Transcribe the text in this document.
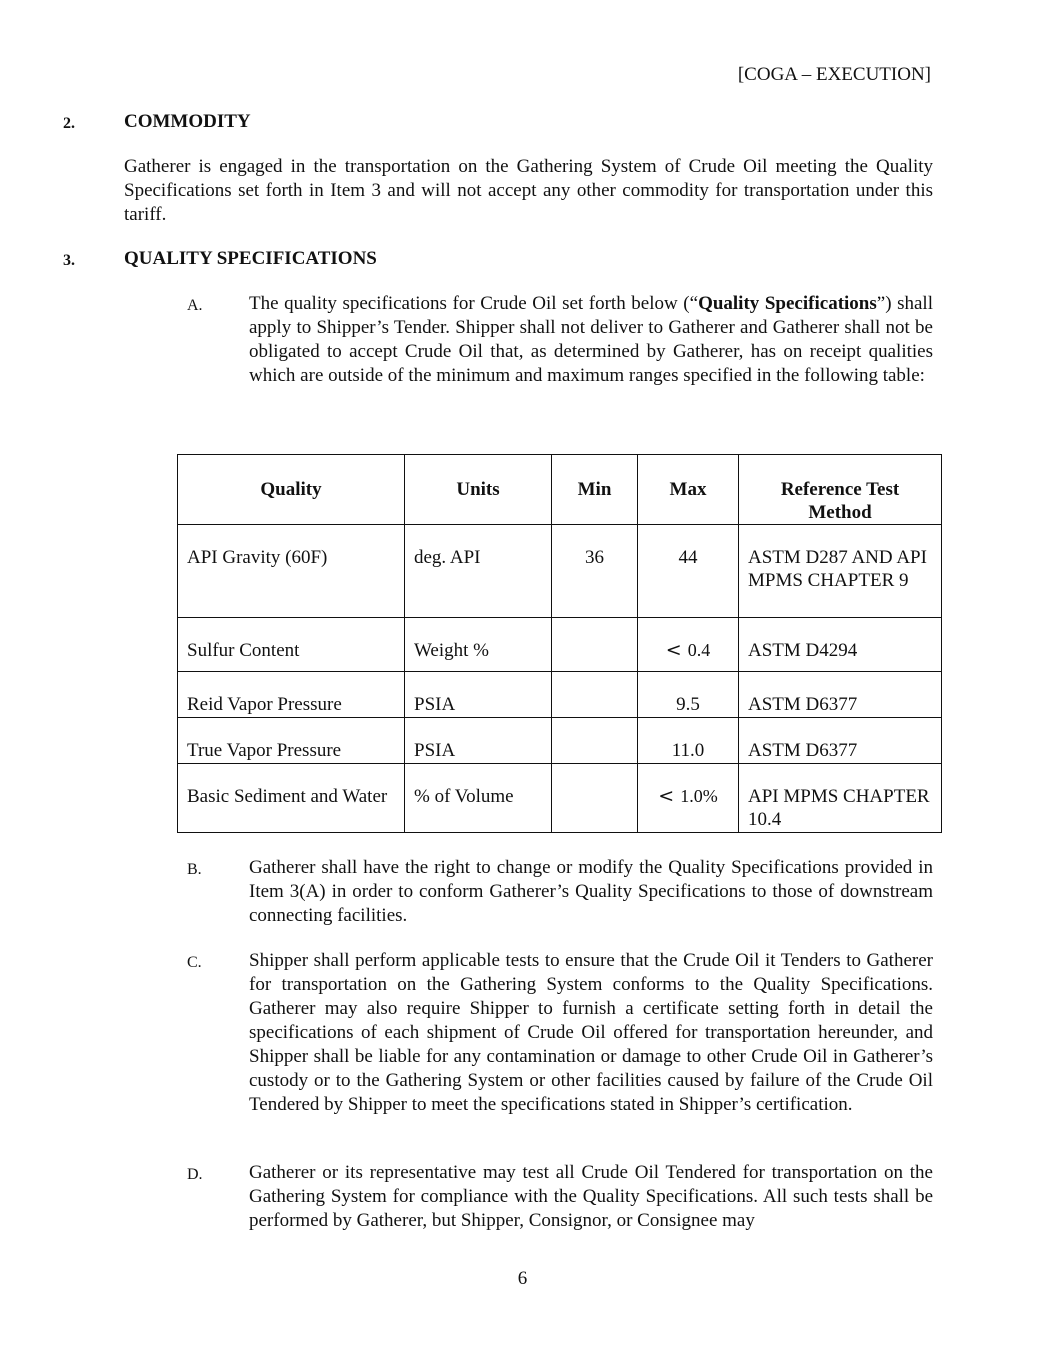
[COGA – EXECUTION]
2.	COMMODITY
Gatherer is engaged in the transportation on the Gathering System of Crude Oil meeting the Quality Specifications set forth in Item 3 and will not accept any other commodity for transportation under this tariff.
3.	QUALITY SPECIFICATIONS
A. The quality specifications for Crude Oil set forth below (“Quality Specifications”) shall apply to Shipper’s Tender. Shipper shall not deliver to Gatherer and Gatherer shall not be obligated to accept Crude Oil that, as determined by Gatherer, has on receipt qualities which are outside of the minimum and maximum ranges specified in the following table:
Quality	Units	Min	Max	Reference Test Method
API Gravity (60F)	deg. API	36	44	ASTM D287 AND API MPMS CHAPTER 9
Sulfur Content	Weight %		< 0.4	ASTM D4294
Reid Vapor Pressure	PSIA		9.5	ASTM D6377
True Vapor Pressure	PSIA		11.0	ASTM D6377
Basic Sediment and Water	% of Volume		< 1.0%	API MPMS CHAPTER 10.4
B. Gatherer shall have the right to change or modify the Quality Specifications provided in Item 3(A) in order to conform Gatherer’s Quality Specifications to those of downstream connecting facilities.
C. Shipper shall perform applicable tests to ensure that the Crude Oil it Tenders to Gatherer for transportation on the Gathering System conforms to the Quality Specifications. Gatherer may also require Shipper to furnish a certificate setting forth in detail the specifications of each shipment of Crude Oil offered for transportation hereunder, and Shipper shall be liable for any contamination or damage to other Crude Oil in Gatherer’s custody or to the Gathering System or other facilities caused by failure of the Crude Oil Tendered by Shipper to meet the specifications stated in Shipper’s certification.
D. Gatherer or its representative may test all Crude Oil Tendered for transportation on the Gathering System for compliance with the Quality Specifications. All such tests shall be performed by Gatherer, but Shipper, Consignor, or Consignee may
6
